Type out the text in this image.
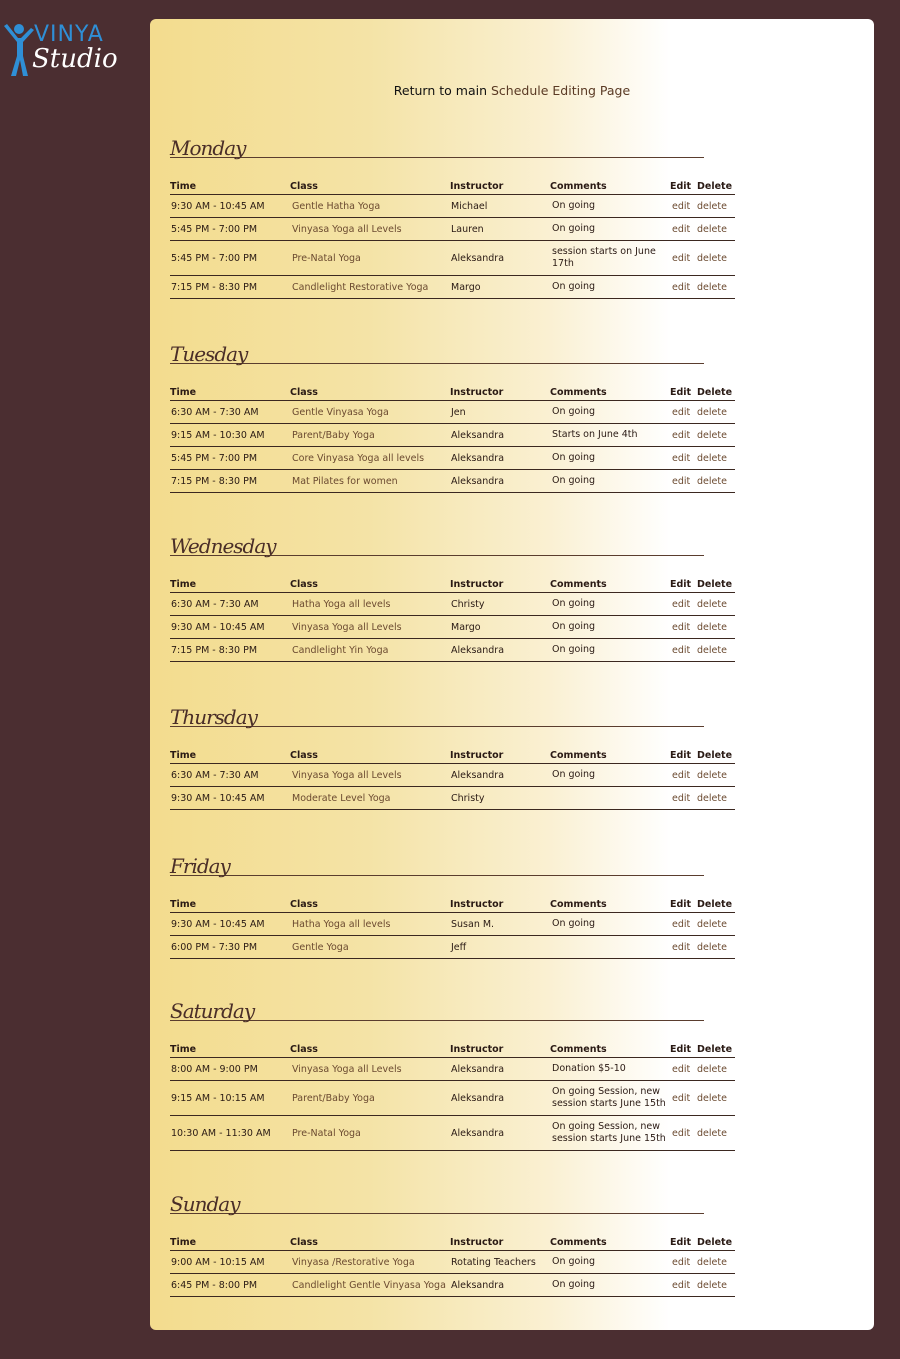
VINYA
Studio
Return to main Schedule Editing Page
Monday
Time	Class	Instructor	Comments	Edit	Delete
9:30 AM - 10:45 AM	Gentle Hatha Yoga	Michael	On going	edit	delete
5:45 PM - 7:00 PM	Vinyasa Yoga all Levels	Lauren	On going	edit	delete
5:45 PM - 7:00 PM	Pre-Natal Yoga	Aleksandra	session starts on June 17th	edit	delete
7:15 PM - 8:30 PM	Candlelight Restorative Yoga	Margo	On going	edit	delete
Tuesday
Time	Class	Instructor	Comments	Edit	Delete
6:30 AM - 7:30 AM	Gentle Vinyasa Yoga	Jen	On going	edit	delete
9:15 AM - 10:30 AM	Parent/Baby Yoga	Aleksandra	Starts on June 4th	edit	delete
5:45 PM - 7:00 PM	Core Vinyasa Yoga all levels	Aleksandra	On going	edit	delete
7:15 PM - 8:30 PM	Mat Pilates for women	Aleksandra	On going	edit	delete
Wednesday
Time	Class	Instructor	Comments	Edit	Delete
6:30 AM - 7:30 AM	Hatha Yoga all levels	Christy	On going	edit	delete
9:30 AM - 10:45 AM	Vinyasa Yoga all Levels	Margo	On going	edit	delete
7:15 PM - 8:30 PM	Candlelight Yin Yoga	Aleksandra	On going	edit	delete
Thursday
Time	Class	Instructor	Comments	Edit	Delete
6:30 AM - 7:30 AM	Vinyasa Yoga all Levels	Aleksandra	On going	edit	delete
9:30 AM - 10:45 AM	Moderate Level Yoga	Christy		edit	delete
Friday
Time	Class	Instructor	Comments	Edit	Delete
9:30 AM - 10:45 AM	Hatha Yoga all levels	Susan M.	On going	edit	delete
6:00 PM - 7:30 PM	Gentle Yoga	Jeff		edit	delete
Saturday
Time	Class	Instructor	Comments	Edit	Delete
8:00 AM - 9:00 PM	Vinyasa Yoga all Levels	Aleksandra	Donation $5-10	edit	delete
9:15 AM - 10:15 AM	Parent/Baby Yoga	Aleksandra	On going Session, new session starts June 15th	edit	delete
10:30 AM - 11:30 AM	Pre-Natal Yoga	Aleksandra	On going Session, new session starts June 15th	edit	delete
Sunday
Time	Class	Instructor	Comments	Edit	Delete
9:00 AM - 10:15 AM	Vinyasa /Restorative Yoga	Rotating Teachers	On going	edit	delete
6:45 PM - 8:00 PM	Candlelight Gentle Vinyasa Yoga	Aleksandra	On going	edit	delete
